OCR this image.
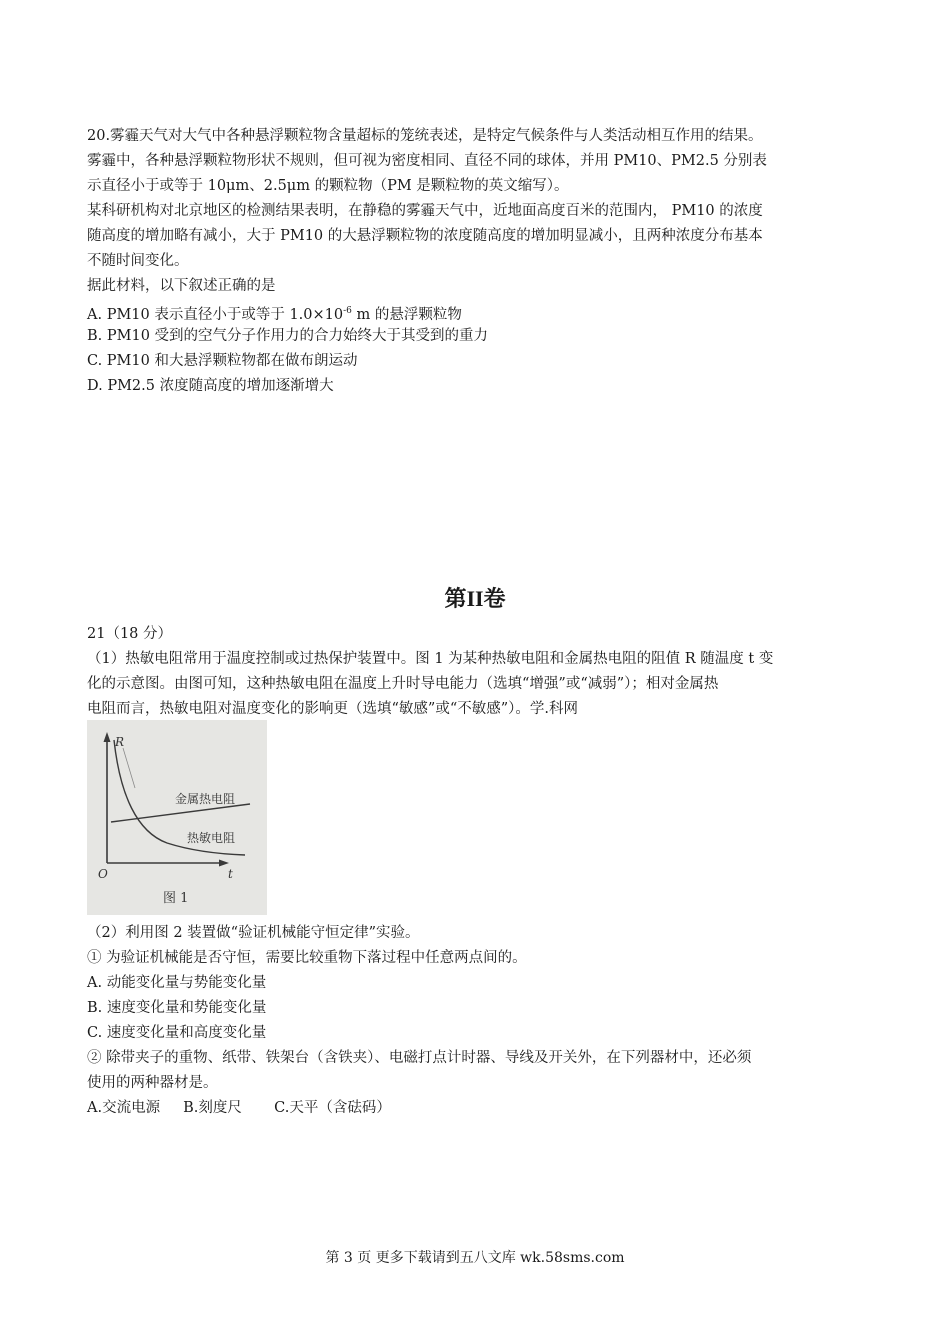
20.雾霾天气对大气中各种悬浮颗粒物含量超标的笼统表述，是特定气候条件与人类活动相互作用的结果。
雾霾中，各种悬浮颗粒物形状不规则，但可视为密度相同、直径不同的球体，并用 PM10、PM2.5 分别表
示直径小于或等于 10μm、2.5μm 的颗粒物（PM 是颗粒物的英文缩写）。
某科研机构对北京地区的检测结果表明，在静稳的雾霾天气中，近地面高度百米的范围内， PM10 的浓度
随高度的增加略有减小，大于 PM10 的大悬浮颗粒物的浓度随高度的增加明显减小，且两种浓度分布基本
不随时间变化。
据此材料，以下叙述正确的是
A. PM10 表示直径小于或等于 $1.0\times 10^{-6}$ m 的悬浮颗粒物
B. PM10 受到的空气分子作用力的合力始终大于其受到的重力
C. PM10 和大悬浮颗粒物都在做布朗运动
D. PM2.5 浓度随高度的增加逐渐增大
第II卷
21（18 分）
（1）热敏电阻常用于温度控制或过热保护装置中。图 1 为某种热敏电阻和金属热电阻的阻值 R 随温度 t 变
化的示意图。由图可知，这种热敏电阻在温度上升时导电能力（选填“增强”或“减弱”）；相对金属热
电阻而言，热敏电阻对温度变化的影响更（选填“敏感”或“不敏感”）。学.科网
R
t
O
金属热电阻
热敏电阻
图 1
（2）利用图 2 装置做“验证机械能守恒定律”实验。
① 为验证机械能是否守恒，需要比较重物下落过程中任意两点间的。
A. 动能变化量与势能变化量
B. 速度变化量和势能变化量
C. 速度变化量和高度变化量
② 除带夹子的重物、纸带、铁架台（含铁夹）、电磁打点计时器、导线及开关外，在下列器材中，还必须
使用的两种器材是。
A.交流电源     B.刻度尺       C.天平（含砝码）
第 3 页 更多下载请到五八文库 wk.58sms.com
